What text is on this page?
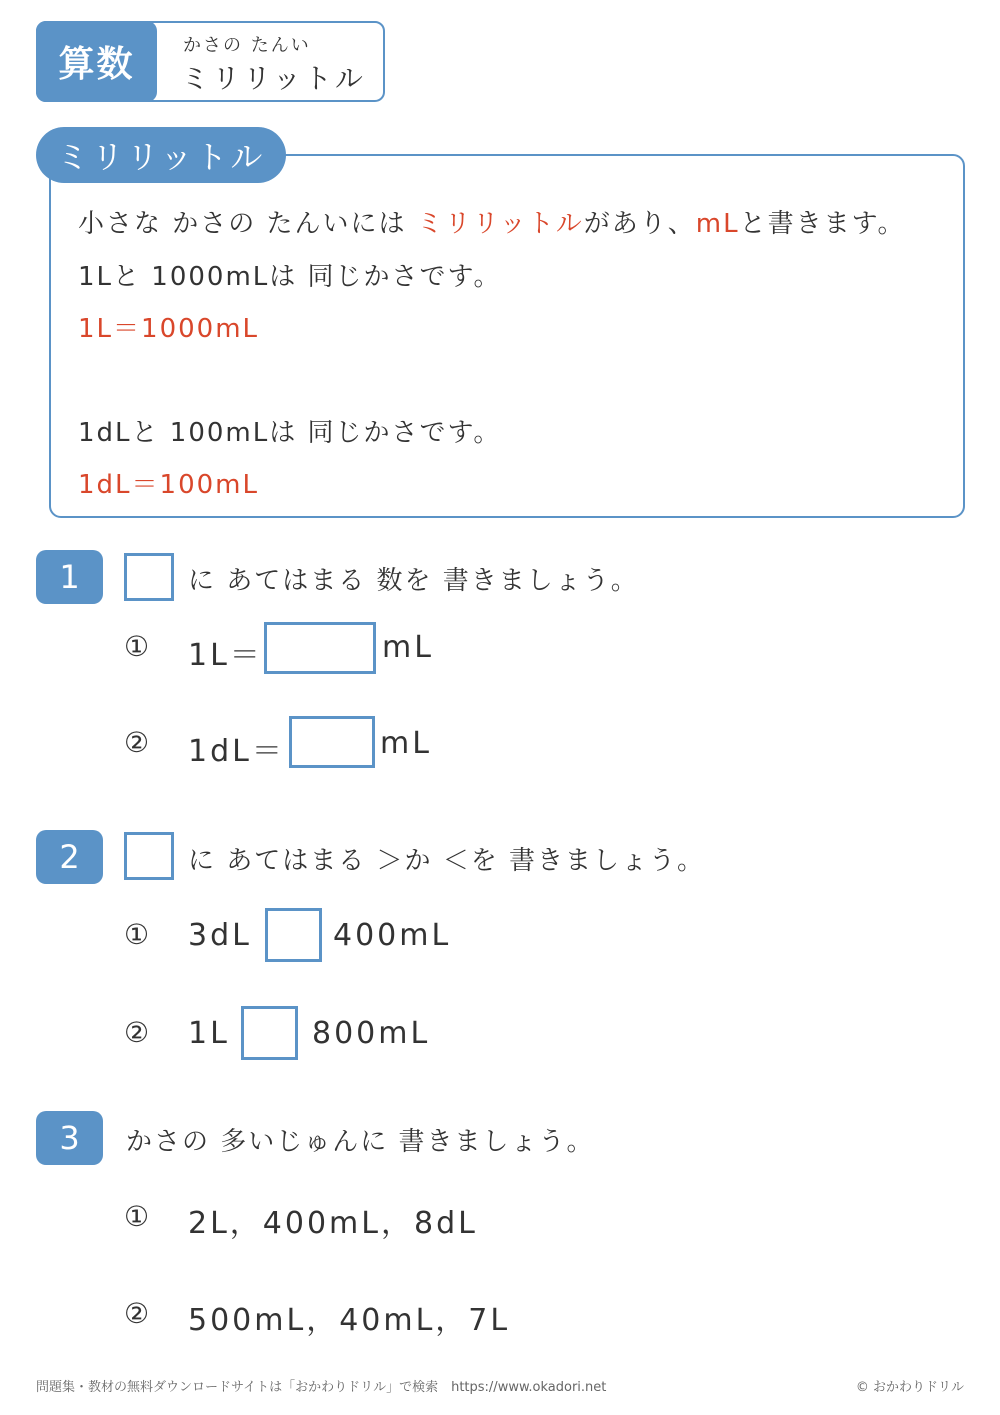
算数	かさの たんい
ミリリットル
ミリリットル
小さな かさの たんいには ミリリットルがあり、mLと書きます。
1Lと 1000mLは 同じかさです。
1L＝1000mL
1dLと 100mLは 同じかさです。
1dL＝100mL
1	に あてはまる 数を 書きましょう。
① 1L＝	mL
② 1dL＝	mL
2	に あてはまる ＞か ＜を 書きましょう。
① 3dL	400mL
② 1L	800mL
3	かさの 多いじゅんに 書きましょう。
① 2L，400mL，8dL
② 500mL，40mL，7L
問題集・教材の無料ダウンロードサイトは「おかわりドリル」で検索　https://www.okadori.net	© おかわりドリル
